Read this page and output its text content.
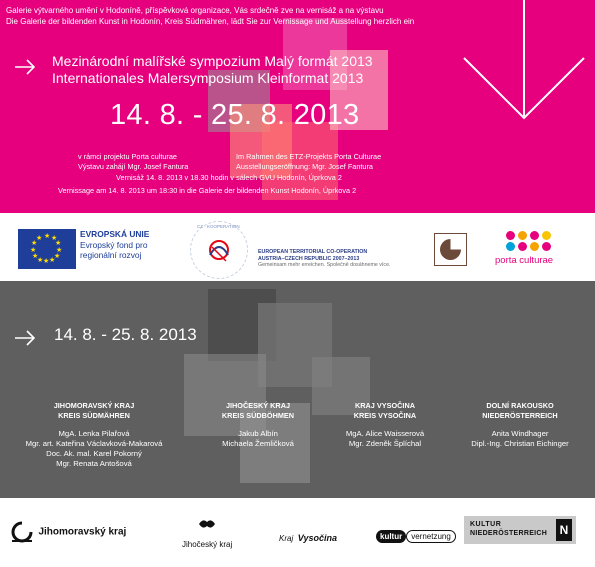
Galerie výtvarného umění v Hodoníně, příspěvková organizace, Vás srdečně zve na vernisáž a na výstavu
Die Galerie der bildenden Kunst in Hodonín, Kreis Südmähren, lädt Sie zur Vernissage und Ausstellung herzlich ein
Mezinárodní malířské sympozium Malý formát 2013
Internationales Malersymposium Kleinformat 2013
14. 8. - 25. 8. 2013
v rámci projektu Porta culturae
Výstavu zahájí Mgr. Josef Fantura
Im Rahmen des ETZ-Projekts Porta Culturae
Ausstellungseröffnung: Mgr. Josef Fantura
Vernisáž 14. 8. 2013 v 18.30 hodin v sálech GVU Hodonín, Úprkova 2
Vernissage am 14. 8. 2013 um 18:30 in die Galerie der bildenden Kunst Hodonín, Úprkova 2
★ ★
★
★
★
★
★
★
★
★
★
★	EVROPSKÁ UNIE
Evropský fond pro
regionální rozvoj
CZ · KOOPERATION
EUROPEAN TERRITORIAL CO-OPERATION
AUSTRIA–CZECH REPUBLIC 2007–2013
Gemeinsam mehr erreichen. Společně dosáhneme více.	porta culturae
14. 8. - 25. 8. 2013
JIHOMORAVSKÝ KRAJ
KREIS SÜDMÄHREN
MgA. Lenka Pilařová
Mgr. art. Kateřina Václavková-Makarová
Doc. Ak. mal. Karel Pokorný
Mgr. Renata Antošová
JIHOČESKÝ KRAJ
KREIS SÜDBÖHMEN
Jakub Albín
Michaela Žemličková
KRAJ VYSOČINA
KREIS VYSOČINA
MgA. Alice Waisserová
Mgr. Zdeněk Šplíchal
DOLNÍ RAKOUSKO
NIEDERÖSTERREICH
Anita Windhager
Dipl.-Ing. Christian Eichinger
Jihomoravský kraj
Jihočeský kraj
Kraj Vysočina	kultur vernetzung
KULTUR
NIEDERÖSTERREICH	N
